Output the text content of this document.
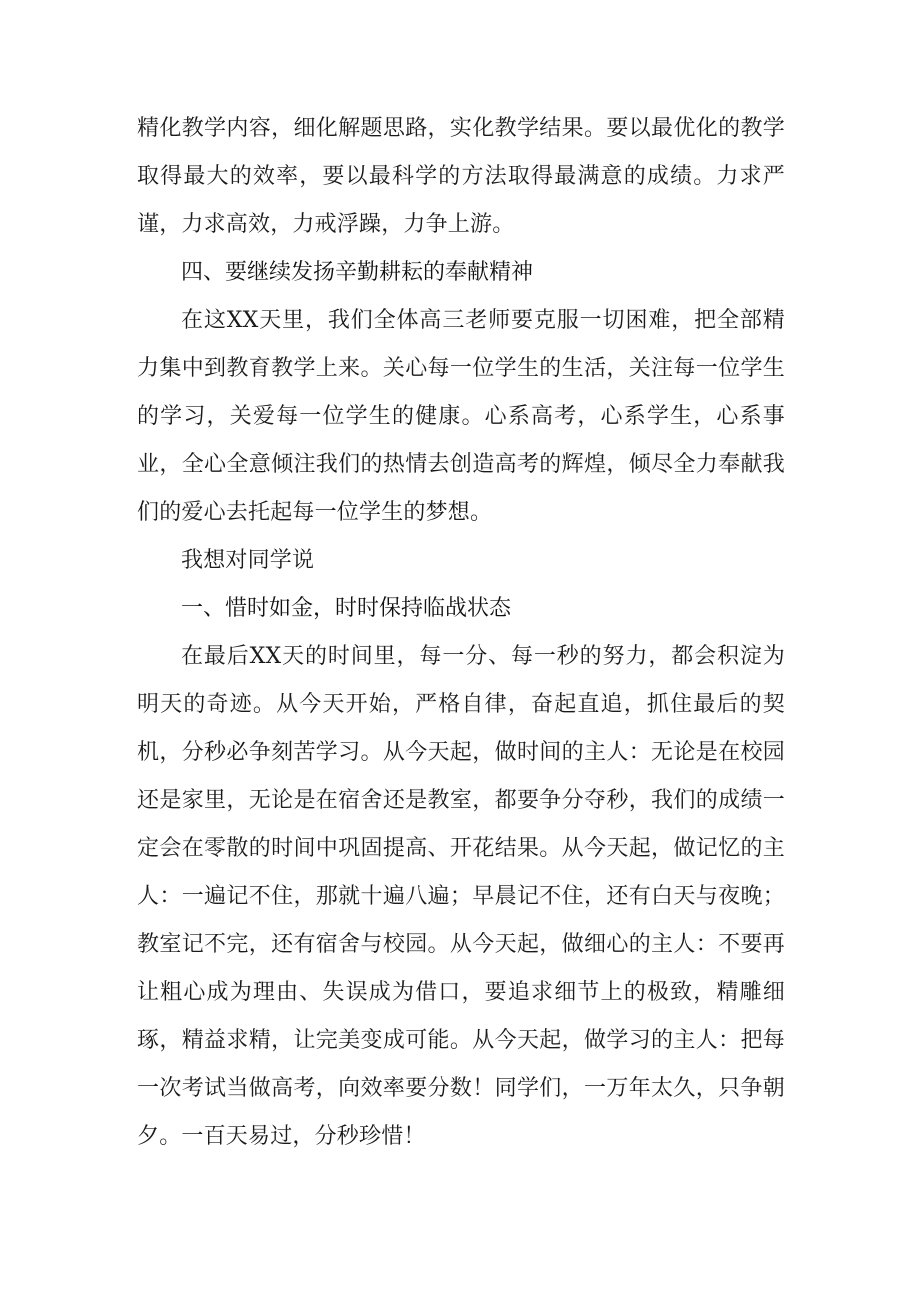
精化教学内容，细化解题思路，实化教学结果。要以最优化的教学取得最大的效率，要以最科学的方法取得最满意的成绩。力求严谨，力求高效，力戒浮躁，力争上游。

四、要继续发扬辛勤耕耘的奉献精神

在这XX天里，我们全体高三老师要克服一切困难，把全部精力集中到教育教学上来。关心每一位学生的生活，关注每一位学生的学习，关爱每一位学生的健康。心系高考，心系学生，心系事业，全心全意倾注我们的热情去创造高考的辉煌，倾尽全力奉献我们的爱心去托起每一位学生的梦想。

我想对同学说

一、惜时如金，时时保持临战状态

在最后XX天的时间里，每一分、每一秒的努力，都会积淀为明天的奇迹。从今天开始，严格自律，奋起直追，抓住最后的契机，分秒必争刻苦学习。从今天起，做时间的主人：无论是在校园还是家里，无论是在宿舍还是教室，都要争分夺秒，我们的成绩一定会在零散的时间中巩固提高、开花结果。从今天起，做记忆的主人：一遍记不住，那就十遍八遍；早晨记不住，还有白天与夜晚；教室记不完，还有宿舍与校园。从今天起，做细心的主人：不要再让粗心成为理由、失误成为借口，要追求细节上的极致，精雕细琢，精益求精，让完美变成可能。从今天起，做学习的主人：把每一次考试当做高考，向效率要分数！同学们，一万年太久，只争朝夕。一百天易过，分秒珍惜！
